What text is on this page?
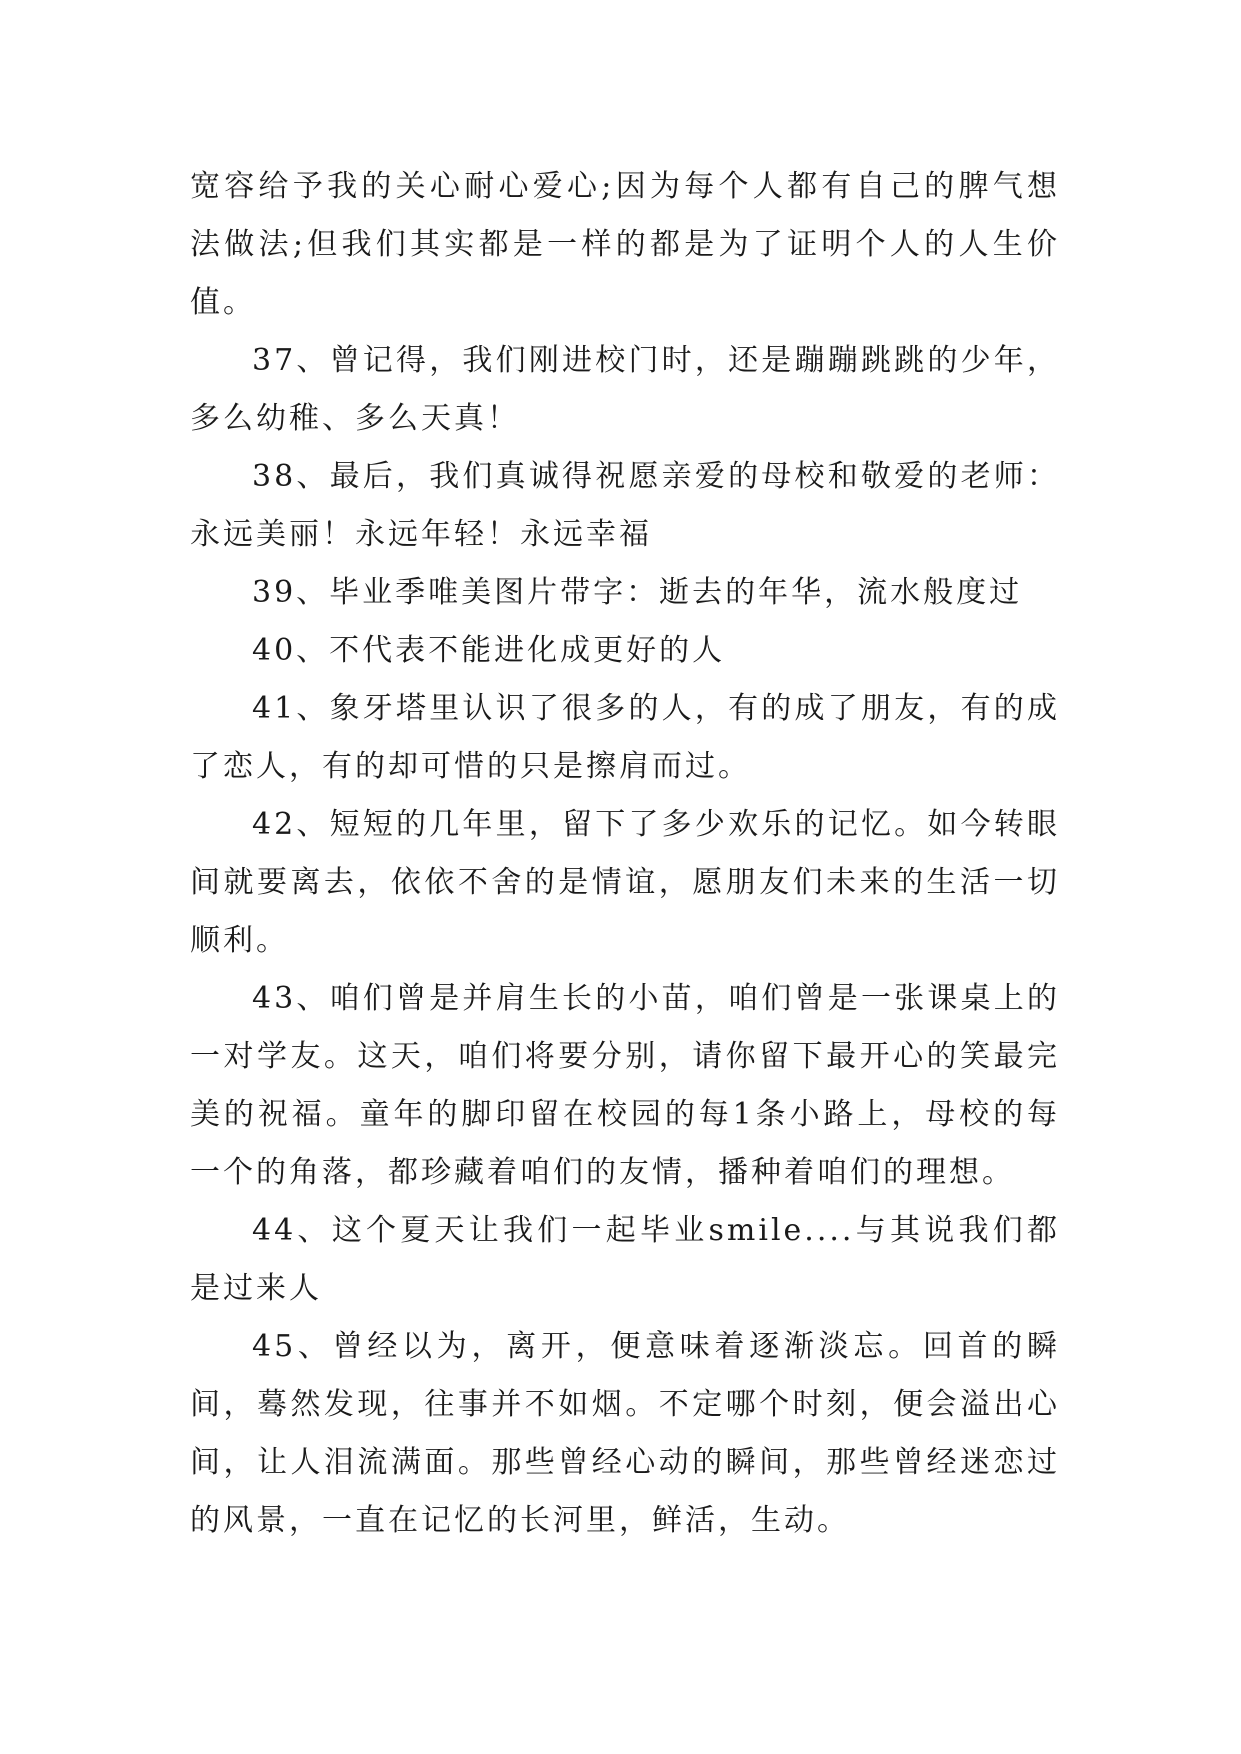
宽容给予我的关心耐心爱心;因为每个人都有自己的脾气想法做法;但我们其实都是一样的都是为了证明个人的人生价值。

37、曾记得，我们刚进校门时，还是蹦蹦跳跳的少年，多么幼稚、多么天真！

38、最后，我们真诚得祝愿亲爱的母校和敬爱的老师：永远美丽！永远年轻！永远幸福

39、毕业季唯美图片带字：逝去的年华，流水般度过

40、不代表不能进化成更好的人

41、象牙塔里认识了很多的人，有的成了朋友，有的成了恋人，有的却可惜的只是擦肩而过。

42、短短的几年里，留下了多少欢乐的记忆。如今转眼间就要离去，依依不舍的是情谊，愿朋友们未来的生活一切顺利。

43、咱们曾是并肩生长的小苗，咱们曾是一张课桌上的一对学友。这天，咱们将要分别，请你留下最开心的笑最完美的祝福。童年的脚印留在校园的每1条小路上，母校的每一个的角落，都珍藏着咱们的友情，播种着咱们的理想。

44、这个夏天让我们一起毕业smile....与其说我们都是过来人

45、曾经以为，离开，便意味着逐渐淡忘。回首的瞬间，蓦然发现，往事并不如烟。不定哪个时刻，便会溢出心间，让人泪流满面。那些曾经心动的瞬间，那些曾经迷恋过的风景，一直在记忆的长河里，鲜活，生动。
